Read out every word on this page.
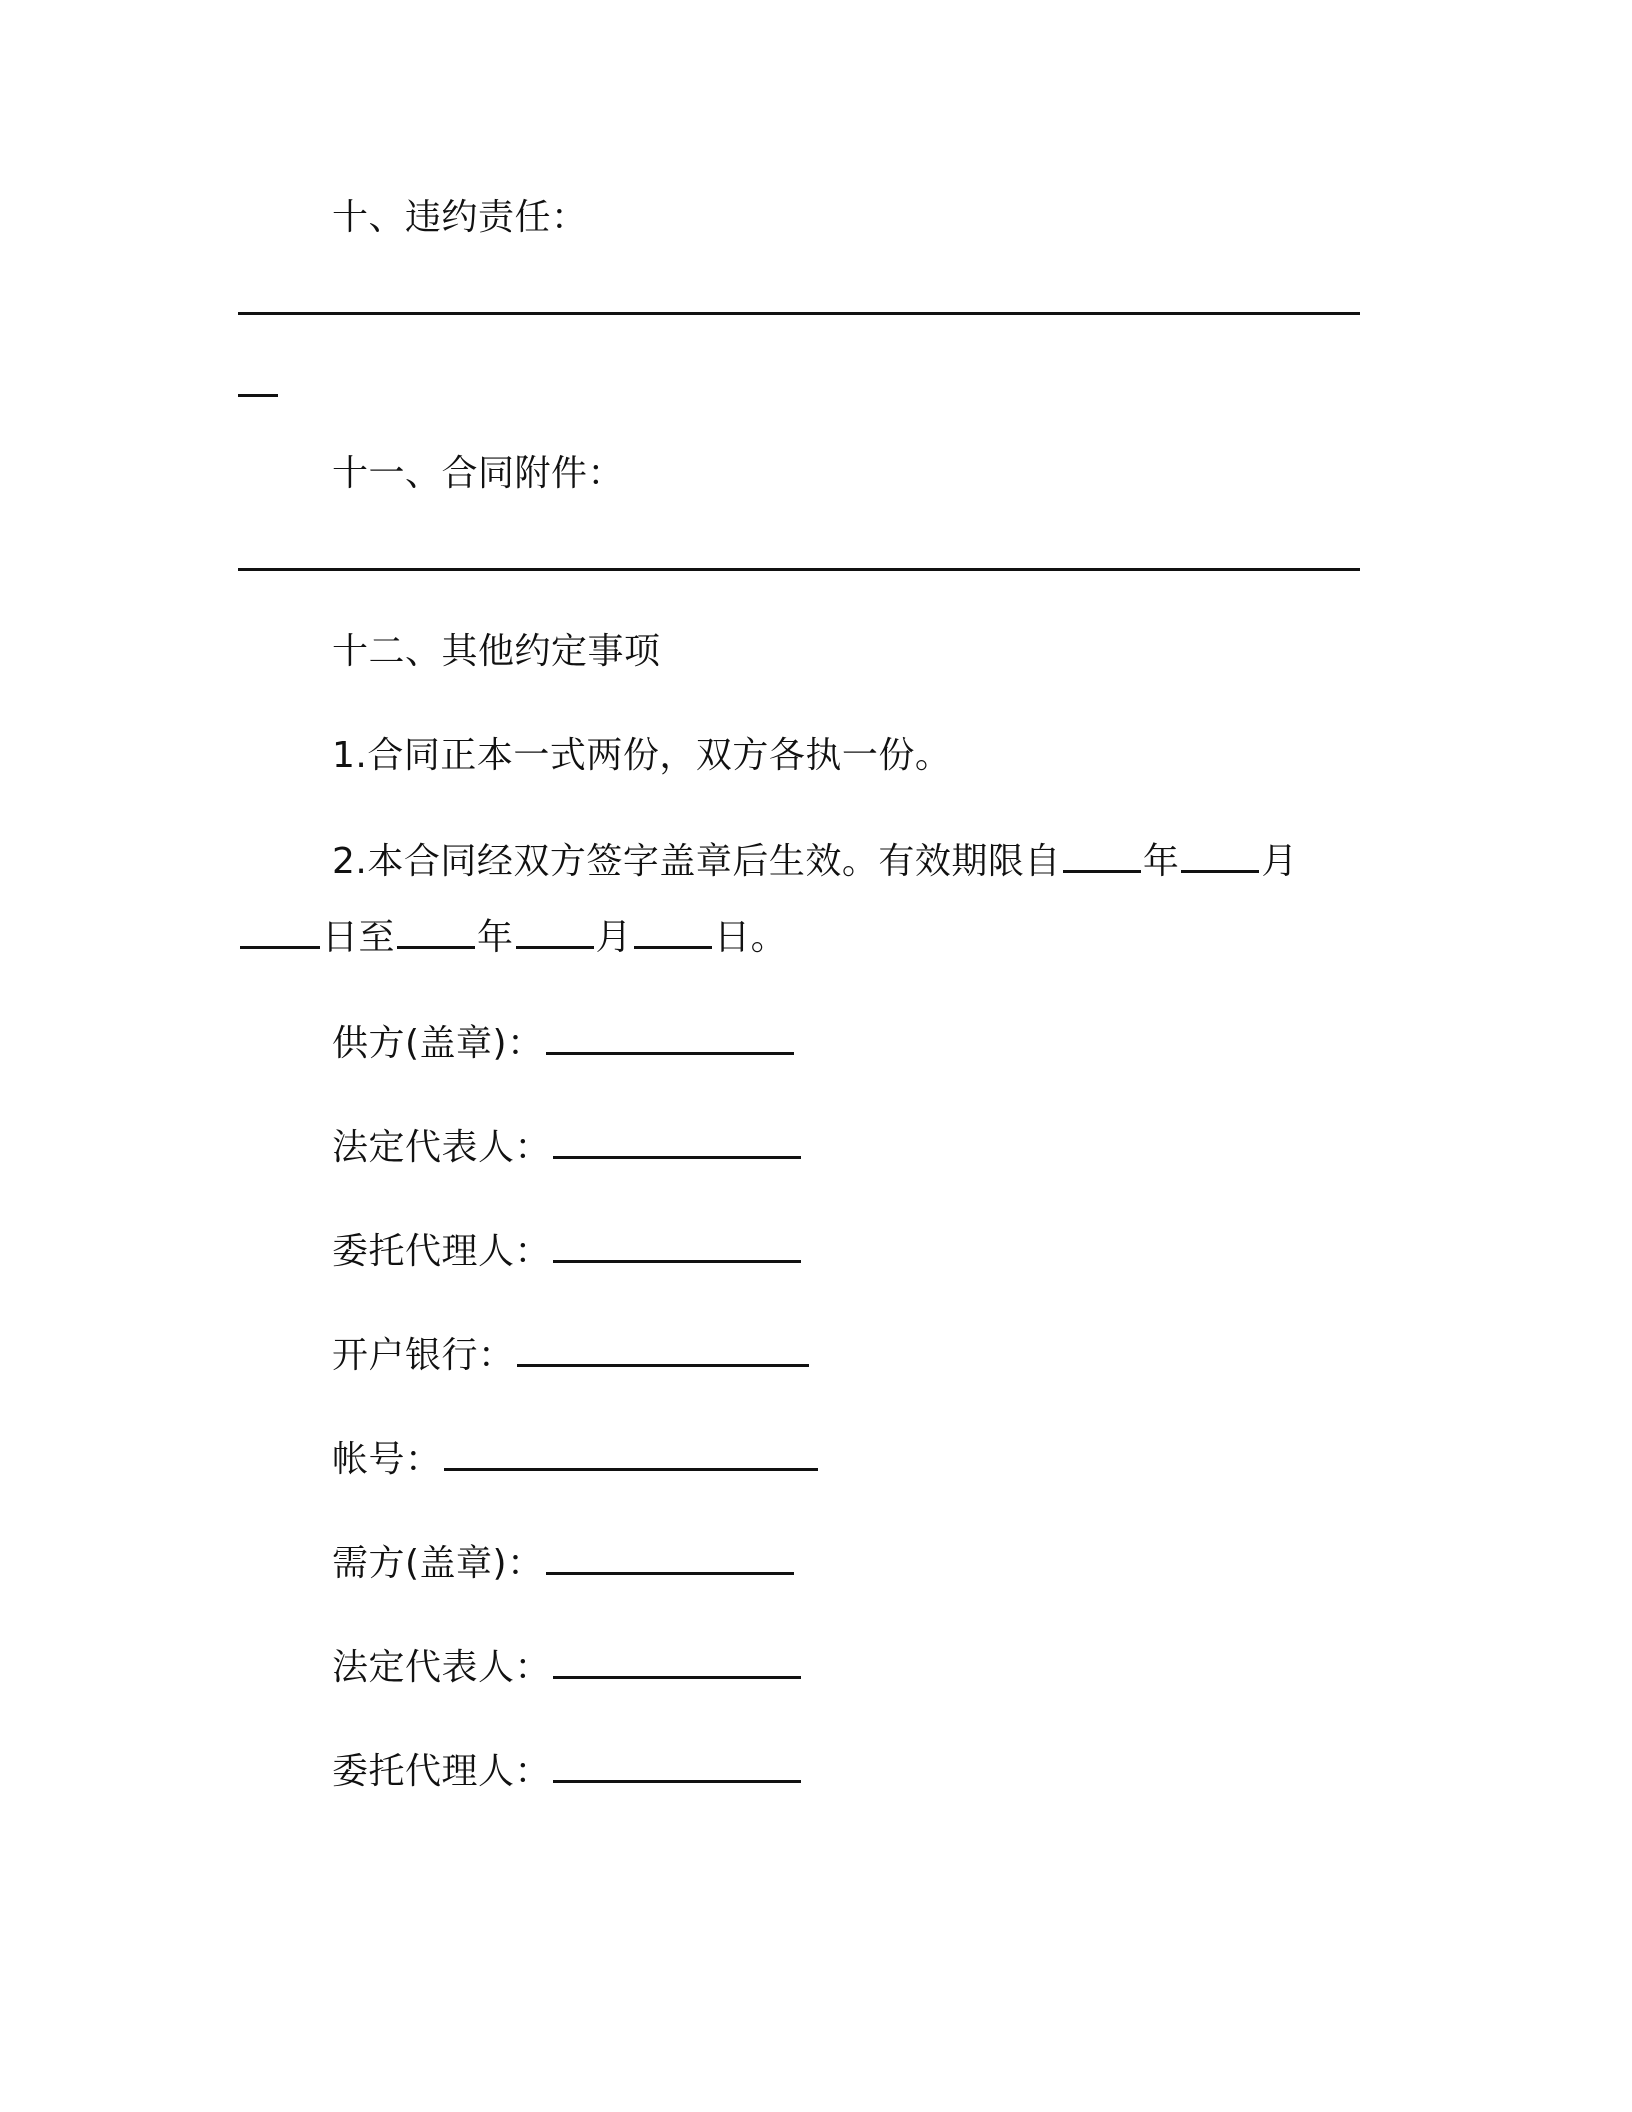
十、违约责任：
十一、合同附件：
十二、其他约定事项
1.合同正本一式两份，双方各执一份。
2.本合同经双方签字盖章后生效。有效期限自 年 月
日至 年 月 日。
供方(盖章)：
法定代表人：
委托代理人：
开户银行：
帐号：
需方(盖章)：
法定代表人：
委托代理人：
